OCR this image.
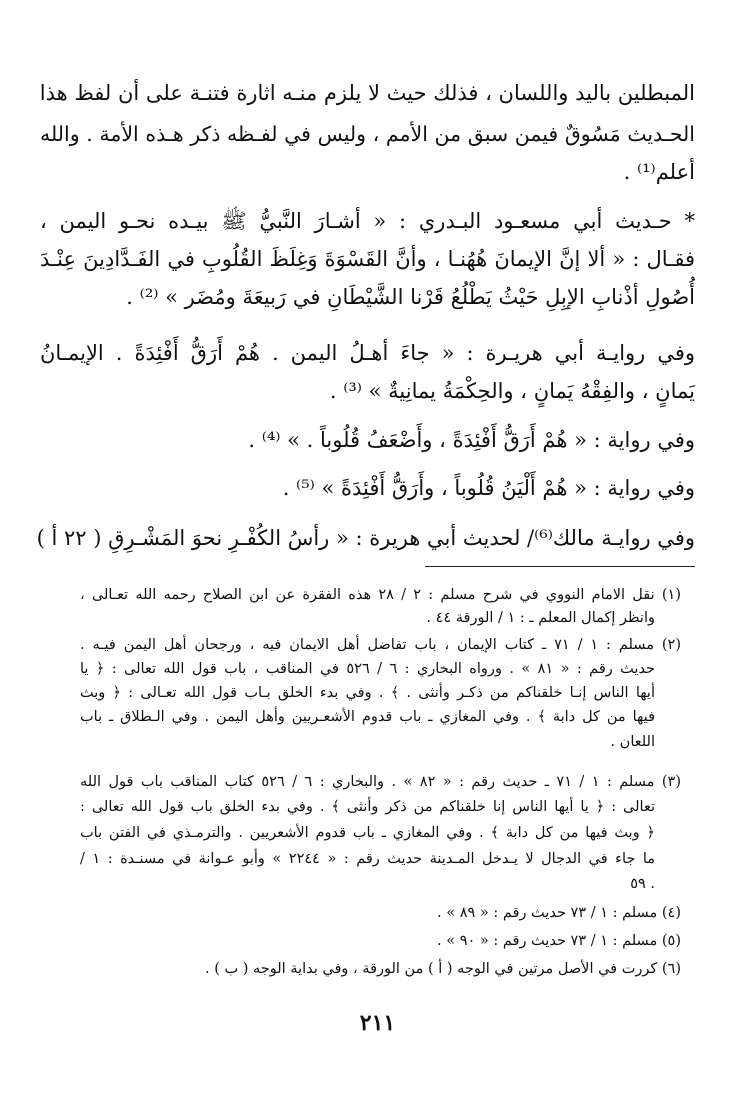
المبطلين باليد واللسان ، فذلك حيث لا يلزم منـه اثارة فتنـة على أن لفظ هذا
الحـديث مَسُوقٌ فيمن سبق من الأمم ، وليس في لفـظه ذكر هـذه الأمة . والله
أعلم⁽¹⁾ .
* حـديث أبي مسعـود البـدري : « أشـارَ النَّبيُّ ﷺ بيـده نحـو اليمن ،
فقـال : « ألا إنَّ الإيمانَ هُهُنـا ، وأنَّ القَسْوَةَ وَغِلَظَ القُلُوبِ في الفَـدَّادِينَ عِنْـدَ
أُصُولِ أذْنابِ الإبِلِ حَيْثُ يَطْلُعُ قَرْنا الشَّيْطَانِ في رَبيعَةَ ومُضَر » ⁽²⁾ .
وفي روايـة أبي هريـرة : « جاءَ أهـلُ اليمن . هُمْ أَرَقُّ أَفْئِدَةً . الإيمـانُ
يَمانٍ ، والفِقْهُ يَمانٍ ، والحِكْمَةُ يمانِيةٌ » ⁽³⁾ .
وفي رواية : « هُمْ أَرَقُّ أَفْئِدَةً ، وأَضْعَفُ قُلُوباً . » ⁽⁴⁾ .
وفي رواية : « هُمْ أَلْيَنُ قُلُوباً ، وأَرَقُّ أَفْئِدَةً » ⁽⁵⁾ .
وفي روايـة مالك⁽⁶⁾/ لحديث أبي هريرة : « رأسُ الكُفْـرِ نحوَ المَشْـرِقِ ( ٢٢ أ )
(١) نقل الامام النووي في شرح مسلم : ٢ / ٢٨ هذه الفقرة عن ابن الصلاح رحمه الله تعـالى ،
وانظر إكمال المعلم ـ : ١ / الورقة ٤٤ .
(٢) مسلم : ١ / ٧١ ـ كتاب الإيمان ، باب تفاضل أهل الايمان فيه ، ورجحان أهل اليمن فيـه .
حديث رقم : « ٨١ » . ورواه البخاري : ٦ / ٥٢٦ في المناقب ، باب قول الله تعالى : ﴿ يا
أيها الناس إنـا خلقناكم من ذكـر وأنثى . ﴾ . وفي بدء الخلق بـاب قول الله تعـالى : ﴿ وبث
فيها من كل دابة ﴾ . وفي المغازي ـ باب قدوم الأشعـريين وأهل اليمن . وفي الـطلاق ـ باب
اللعان .
(٣) مسلم : ١ / ٧١ ـ حديث رقم : « ٨٢ » . والبخاري : ٦ / ٥٢٦ كتاب المناقب باب قول الله
تعالى : ﴿ يا أيها الناس إنا خلقناكم من ذكر وأنثى ﴾ . وفي بدء الخلق باب قول الله تعالى :
﴿ وبث فيها من كل دابة ﴾ . وفي المغازي ـ باب قدوم الأشعريين . والترمـذي في الفتن باب
ما جاء في الدجال لا يـدخل المـدينة حديث رقم : « ٢٢٤٤ » وأبو عـوانة في مسنـدة : ١ /
٥٩ .
(٤) مسلم : ١ / ٧٣ حديث رقم : « ٨٩ » .
(٥) مسلم : ١ / ٧٣ حديث رقم : « ٩٠ » .
(٦) كررت في الأصل مرتين في الوجه ( أ ) من الورقة ، وفي بداية الوجه ( ب ) .
٢١١
